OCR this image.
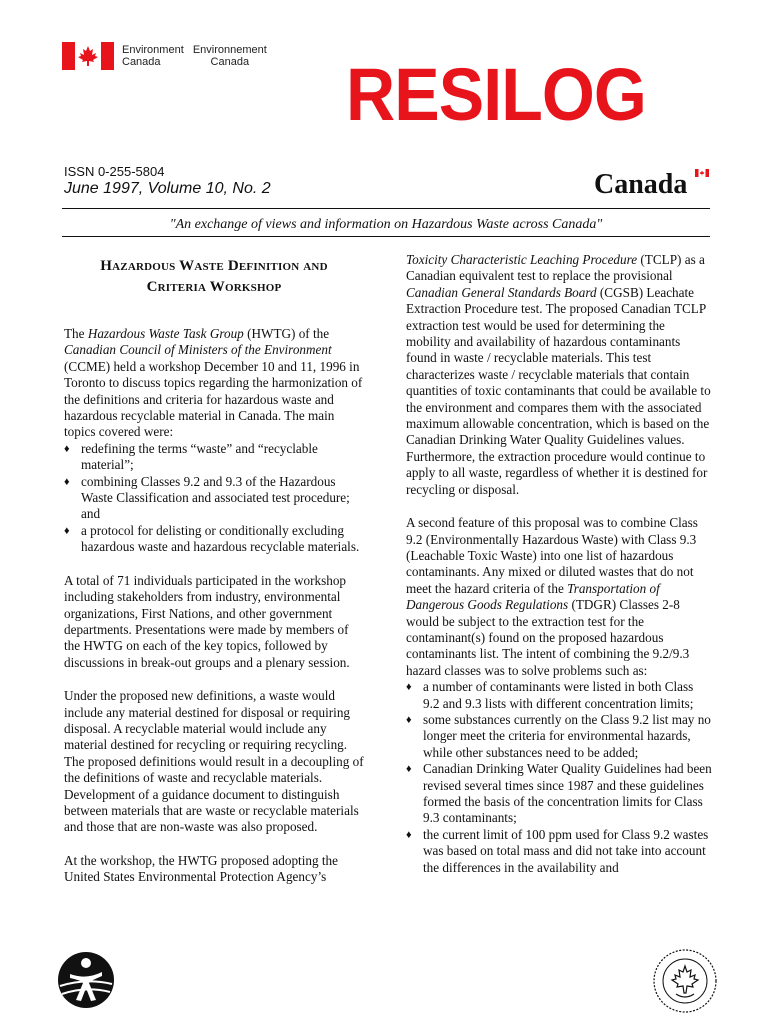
Environment
Canada Environnement
Canada	RESILOG
ISSN 0-255-5804
June 1997, Volume 10, No. 2	Canada
"An exchange of views and information on Hazardous Waste across Canada"
Hazardous Waste Definition and
Criteria Workshop

The Hazardous Waste Task Group (HWTG) of the Canadian Council of Ministers of the Environment (CCME) held a workshop December 10 and 11, 1996 in Toronto to discuss topics regarding the harmonization of the definitions and criteria for hazardous waste and hazardous recyclable material in Canada. The main topics covered were:

♦ redefining the terms “waste” and “recyclable material”;
♦ combining Classes 9.2 and 9.3 of the Hazardous Waste Classification and associated test procedure; and
♦ a protocol for delisting or conditionally excluding hazardous waste and hazardous recyclable materials.

A total of 71 individuals participated in the workshop including stakeholders from industry, environmental organizations, First Nations, and other government departments. Presentations were made by members of the HWTG on each of the key topics, followed by discussions in break-out groups and a plenary session.

Under the proposed new definitions, a waste would include any material destined for disposal or requiring disposal. A recyclable material would include any material destined for recycling or requiring recycling. The proposed definitions would result in a decoupling of the definitions of waste and recyclable materials. Development of a guidance document to distinguish between materials that are waste or recyclable materials and those that are non-waste was also proposed.

At the workshop, the HWTG proposed adopting the United States Environmental Protection Agency’s

Toxicity Characteristic Leaching Procedure (TCLP) as a Canadian equivalent test to replace the provisional Canadian General Standards Board (CGSB) Leachate Extraction Procedure test. The proposed Canadian TCLP extraction test would be used for determining the mobility and availability of hazardous contaminants found in waste / recyclable materials. This test characterizes waste / recyclable materials that contain quantities of toxic contaminants that could be available to the environment and compares them with the associated maximum allowable concentration, which is based on the Canadian Drinking Water Quality Guidelines values. Furthermore, the extraction procedure would continue to apply to all waste, regardless of whether it is destined for recycling or disposal.

A second feature of this proposal was to combine Class 9.2 (Environmentally Hazardous Waste) with Class 9.3 (Leachable Toxic Waste) into one list of hazardous contaminants. Any mixed or diluted wastes that do not meet the hazard criteria of the Transportation of Dangerous Goods Regulations (TDGR) Classes 2-8 would be subject to the extraction test for the contaminant(s) found on the proposed hazardous contaminants list. The intent of combining the 9.2/9.3 hazard classes was to solve problems such as:

♦ a number of contaminants were listed in both Class 9.2 and 9.3 lists with different concentration limits;
♦ some substances currently on the Class 9.2 list may no longer meet the criteria for environmental hazards, while other substances need to be added;
♦ Canadian Drinking Water Quality Guidelines had been revised several times since 1987 and these guidelines formed the basis of the concentration limits for Class 9.3 contaminants;
♦ the current limit of 100 ppm used for Class 9.2 wastes was based on total mass and did not take into account the differences in the availability and
